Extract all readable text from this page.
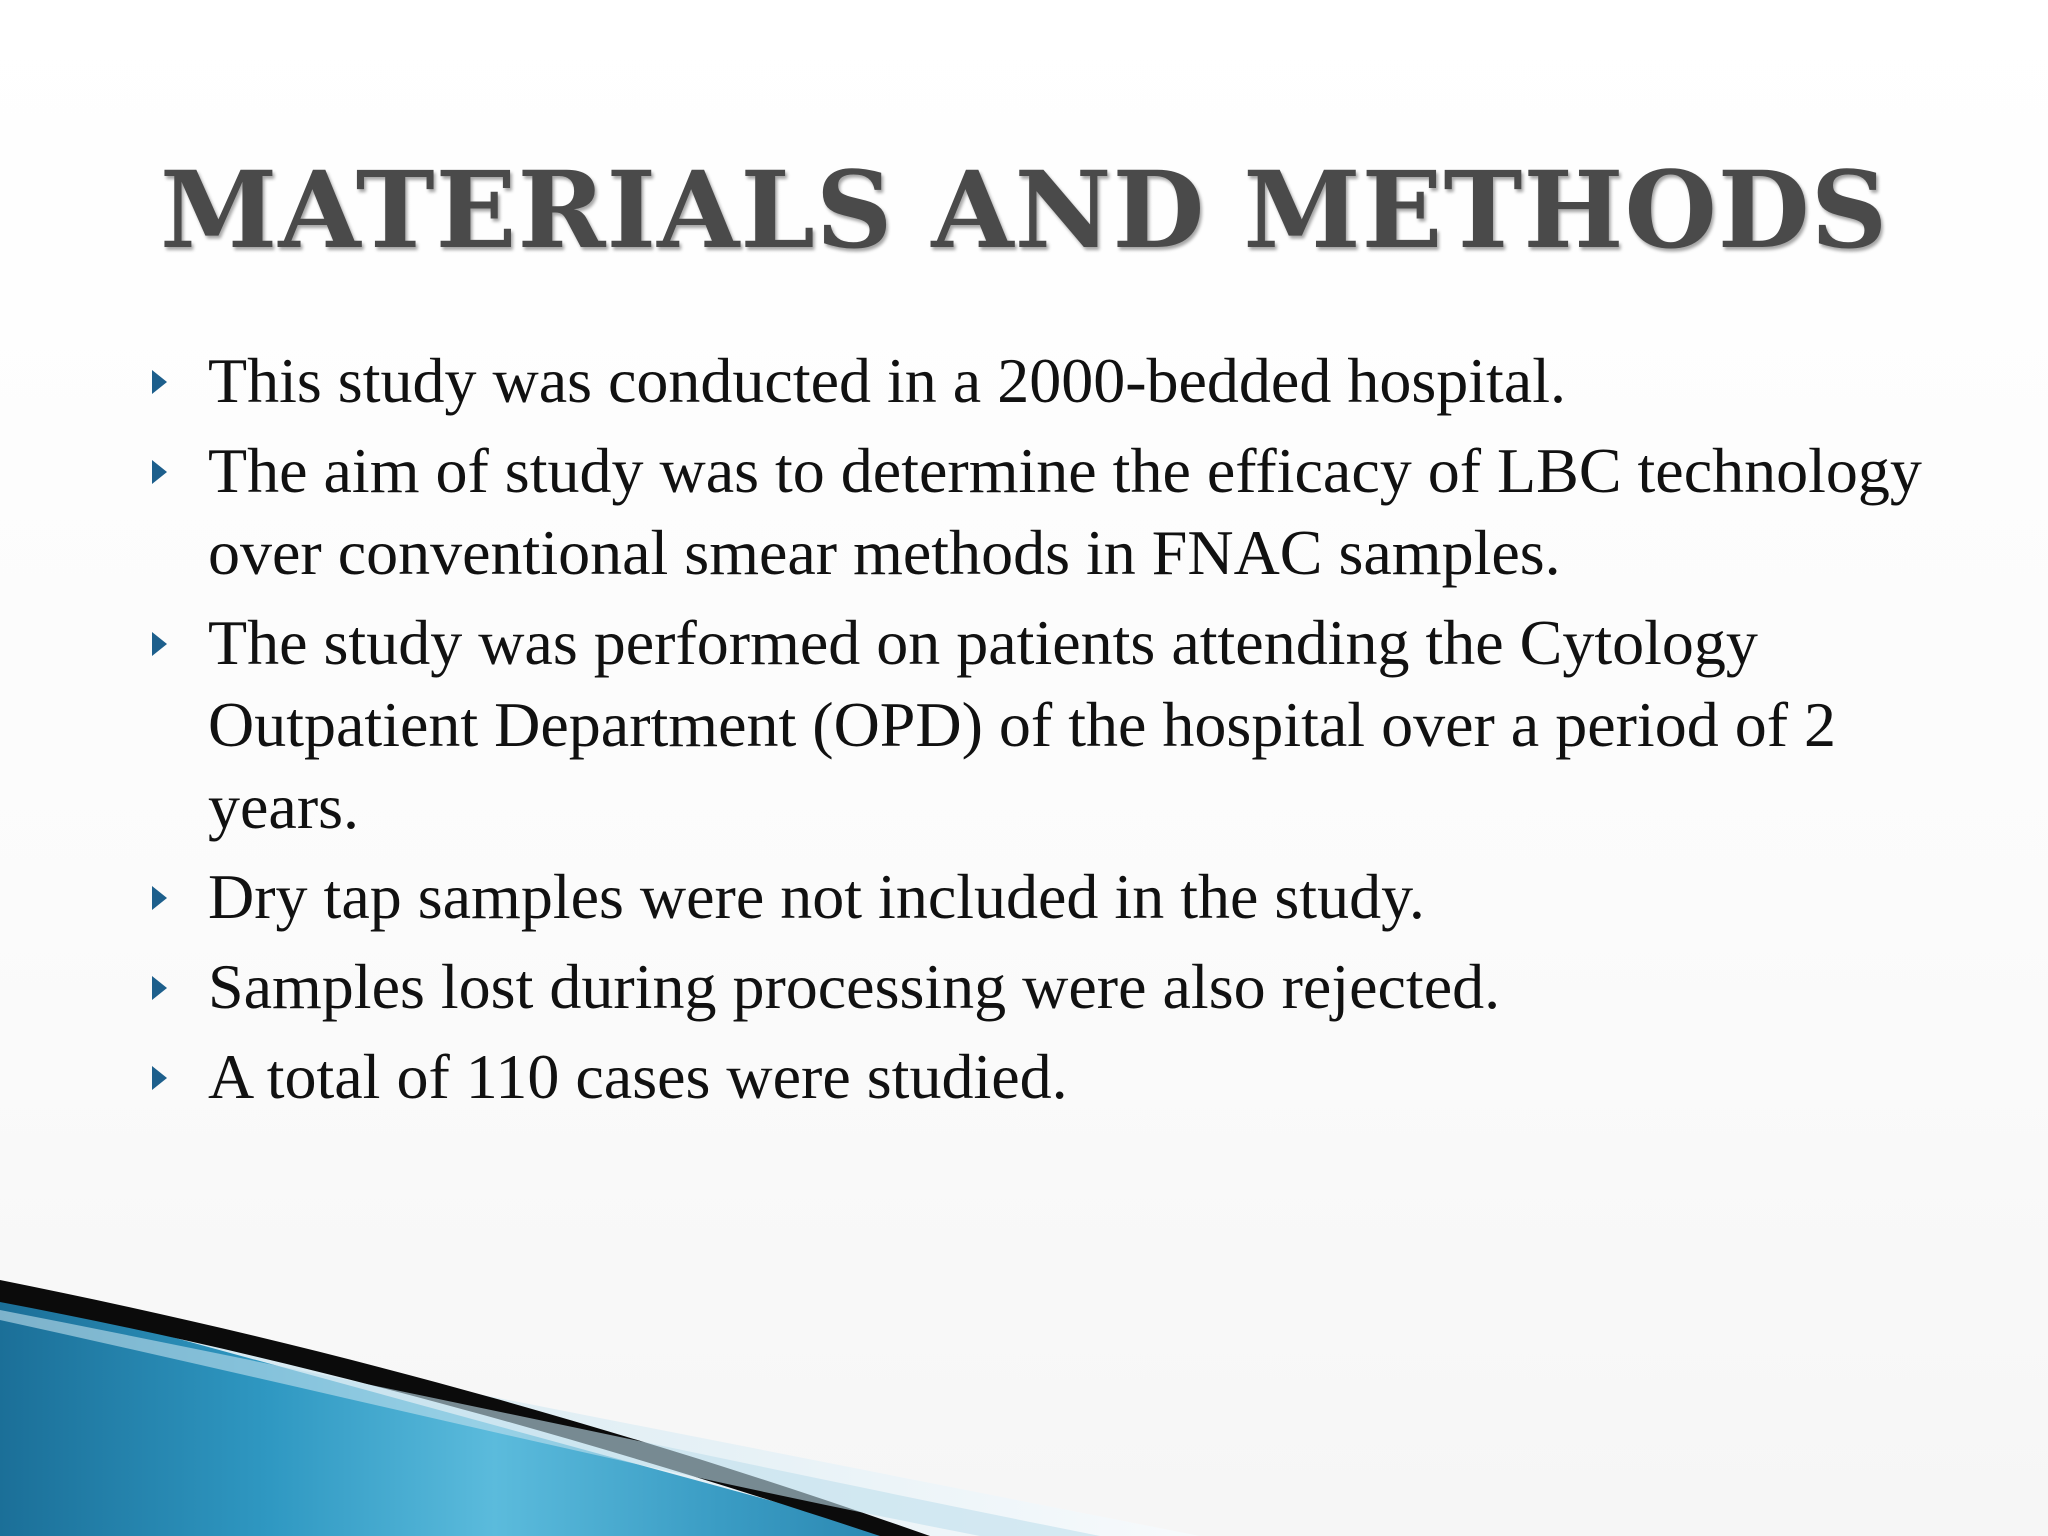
MATERIALS AND METHODS
This study was conducted in a 2000-bedded hospital.
The aim of study was to determine the efficacy of LBC technology over conventional smear methods in FNAC samples.
The study was performed on patients attending the Cytology Outpatient Department (OPD) of the hospital over a period of 2 years.
Dry tap samples were not included in the study.
Samples lost during processing were also rejected.
A total of 110 cases were studied.
